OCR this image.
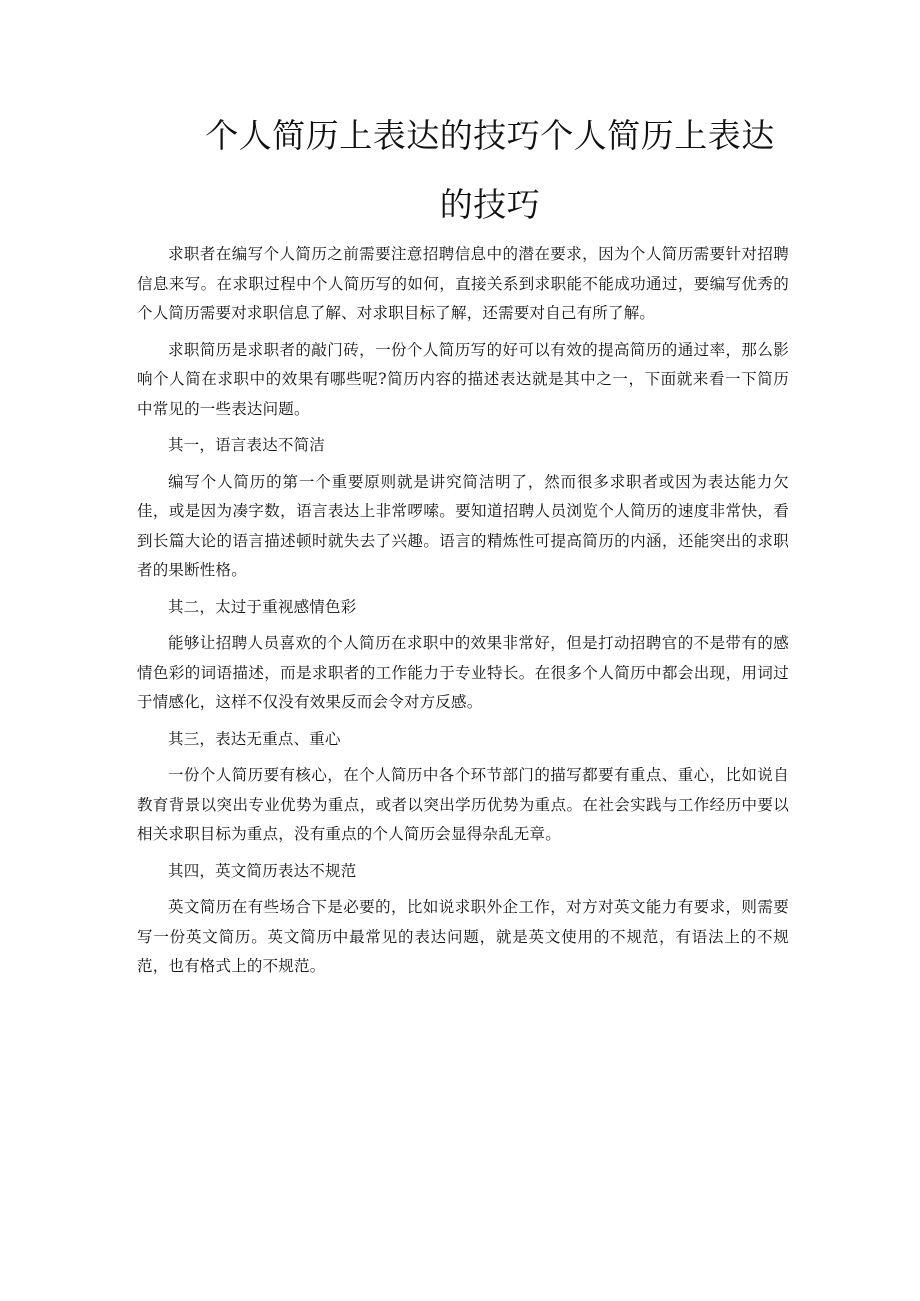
个人简历上表达的技巧个人简历上表达
的技巧

求职者在编写个人简历之前需要注意招聘信息中的潜在要求，因为个人简历需要针对招聘信息来写。在求职过程中个人简历写的如何，直接关系到求职能不能成功通过，要编写优秀的个人简历需要对求职信息了解、对求职目标了解，还需要对自己有所了解。

求职简历是求职者的敲门砖，一份个人简历写的好可以有效的提高简历的通过率，那么影响个人简在求职中的效果有哪些呢?简历内容的描述表达就是其中之一，下面就来看一下简历中常见的一些表达问题。

其一，语言表达不简洁

编写个人简历的第一个重要原则就是讲究简洁明了，然而很多求职者或因为表达能力欠佳，或是因为凑字数，语言表达上非常啰嗦。要知道招聘人员浏览个人简历的速度非常快，看到长篇大论的语言描述顿时就失去了兴趣。语言的精炼性可提高简历的内涵，还能突出的求职者的果断性格。

其二，太过于重视感情色彩

能够让招聘人员喜欢的个人简历在求职中的效果非常好，但是打动招聘官的不是带有的感情色彩的词语描述，而是求职者的工作能力于专业特长。在很多个人简历中都会出现，用词过于情感化，这样不仅没有效果反而会令对方反感。

其三，表达无重点、重心

一份个人简历要有核心，在个人简历中各个环节部门的描写都要有重点、重心，比如说自教育背景以突出专业优势为重点，或者以突出学历优势为重点。在社会实践与工作经历中要以相关求职目标为重点，没有重点的个人简历会显得杂乱无章。

其四，英文简历表达不规范

英文简历在有些场合下是必要的，比如说求职外企工作，对方对英文能力有要求，则需要写一份英文简历。英文简历中最常见的表达问题，就是英文使用的不规范，有语法上的不规范，也有格式上的不规范。
